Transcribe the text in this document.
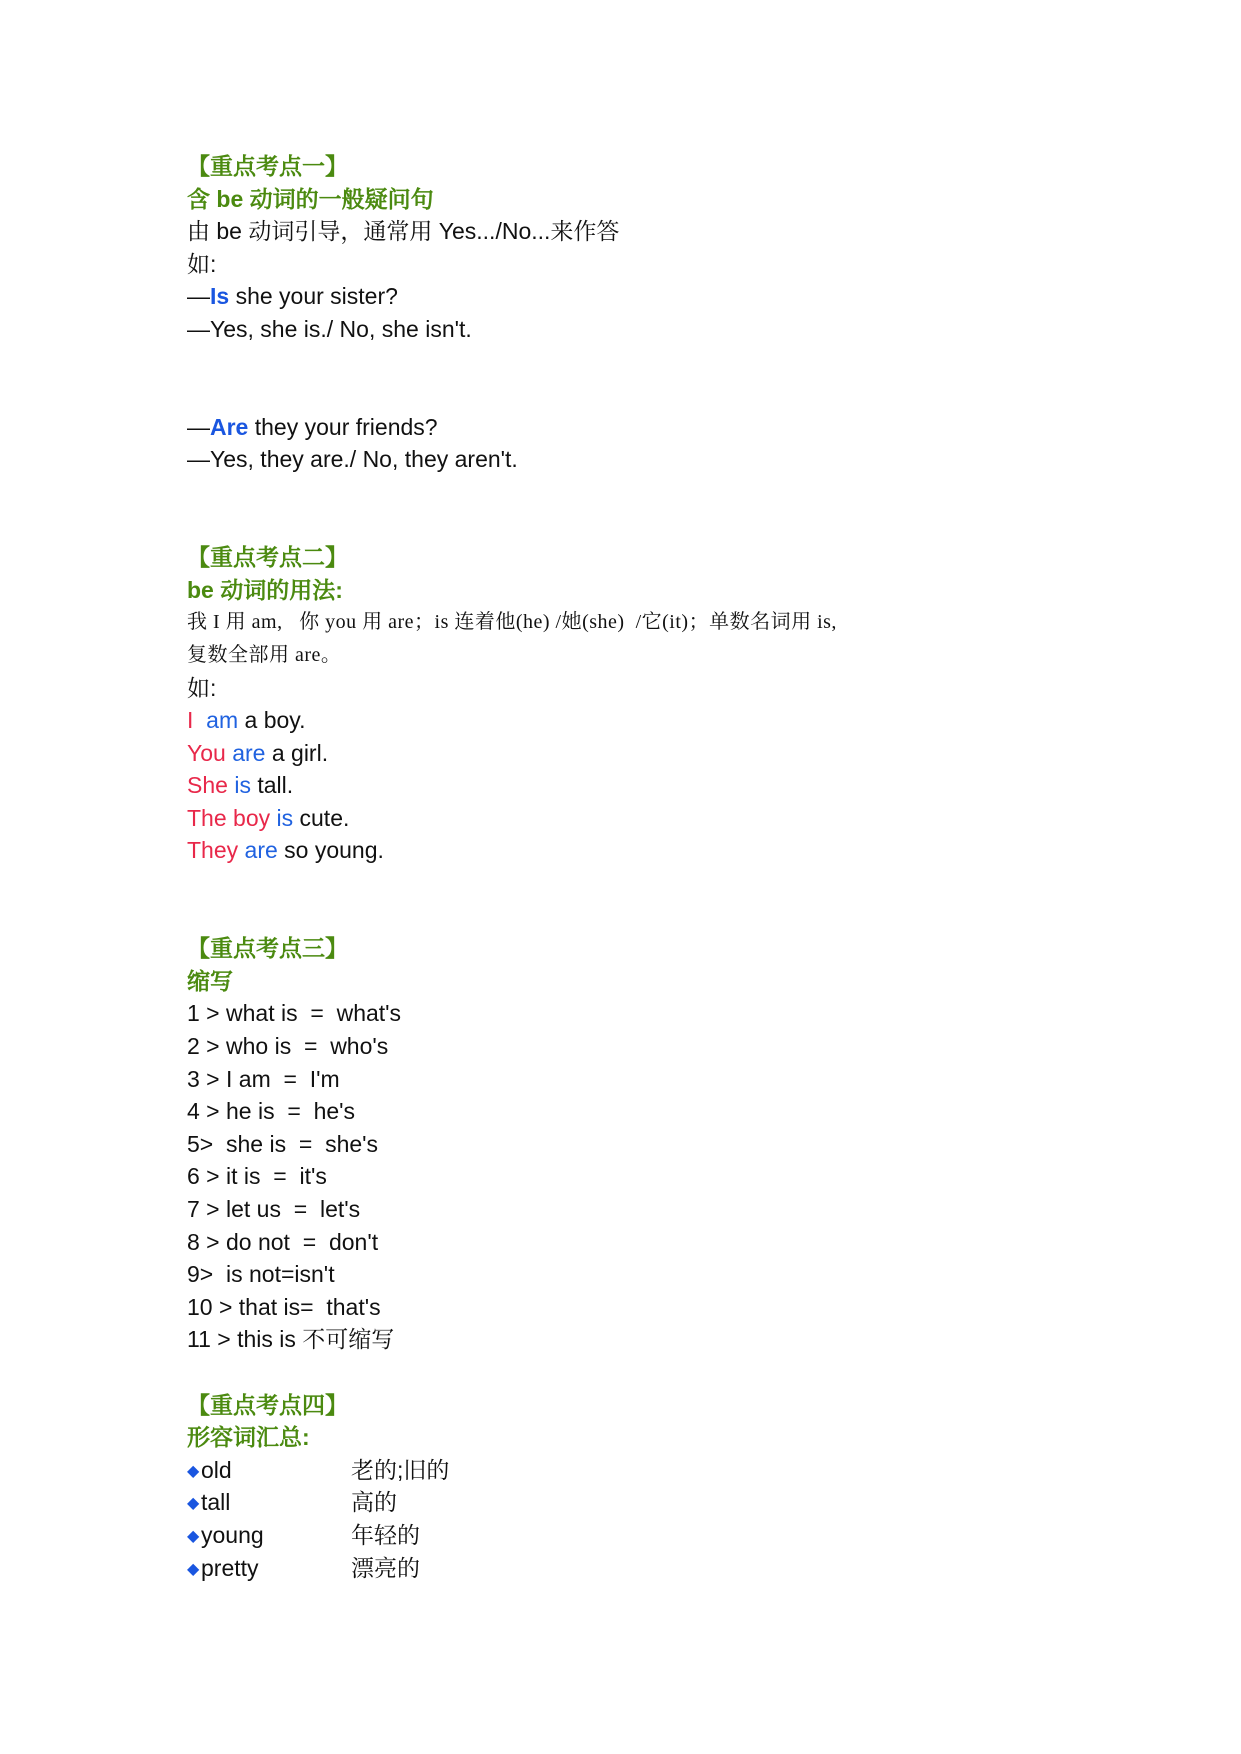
【重点考点一】
含 be 动词的一般疑问句
由 be 动词引导，通常用 Yes.../No...来作答
如:
—Is she your sister?
—Yes, she is./ No, she isn't.
—Are they your friends?
—Yes, they are./ No, they aren't.
【重点考点二】
be 动词的用法:
我 I 用 am,   你 you 用 are；is 连着他(he) /她(she)  /它(it)；单数名词用 is,
复数全部用 are。
如:
I am a boy.
You are a girl.
She is tall.
The boy is cute.
They are so young.
【重点考点三】
缩写
1 > what is  =  what's
2 > who is  =  who's
3 > I am  =  I'm
4 > he is  =  he's
5>  she is  =  she's
6 > it is  =  it's
7 > let us  =  let's
8 > do not  =  don't
9>  is not=isn't
10 > that is=  that's
11 > this is 不可缩写
【重点考点四】
形容词汇总:
◆old	老的;旧的
◆tall	高的
◆young	年轻的
◆pretty	漂亮的
